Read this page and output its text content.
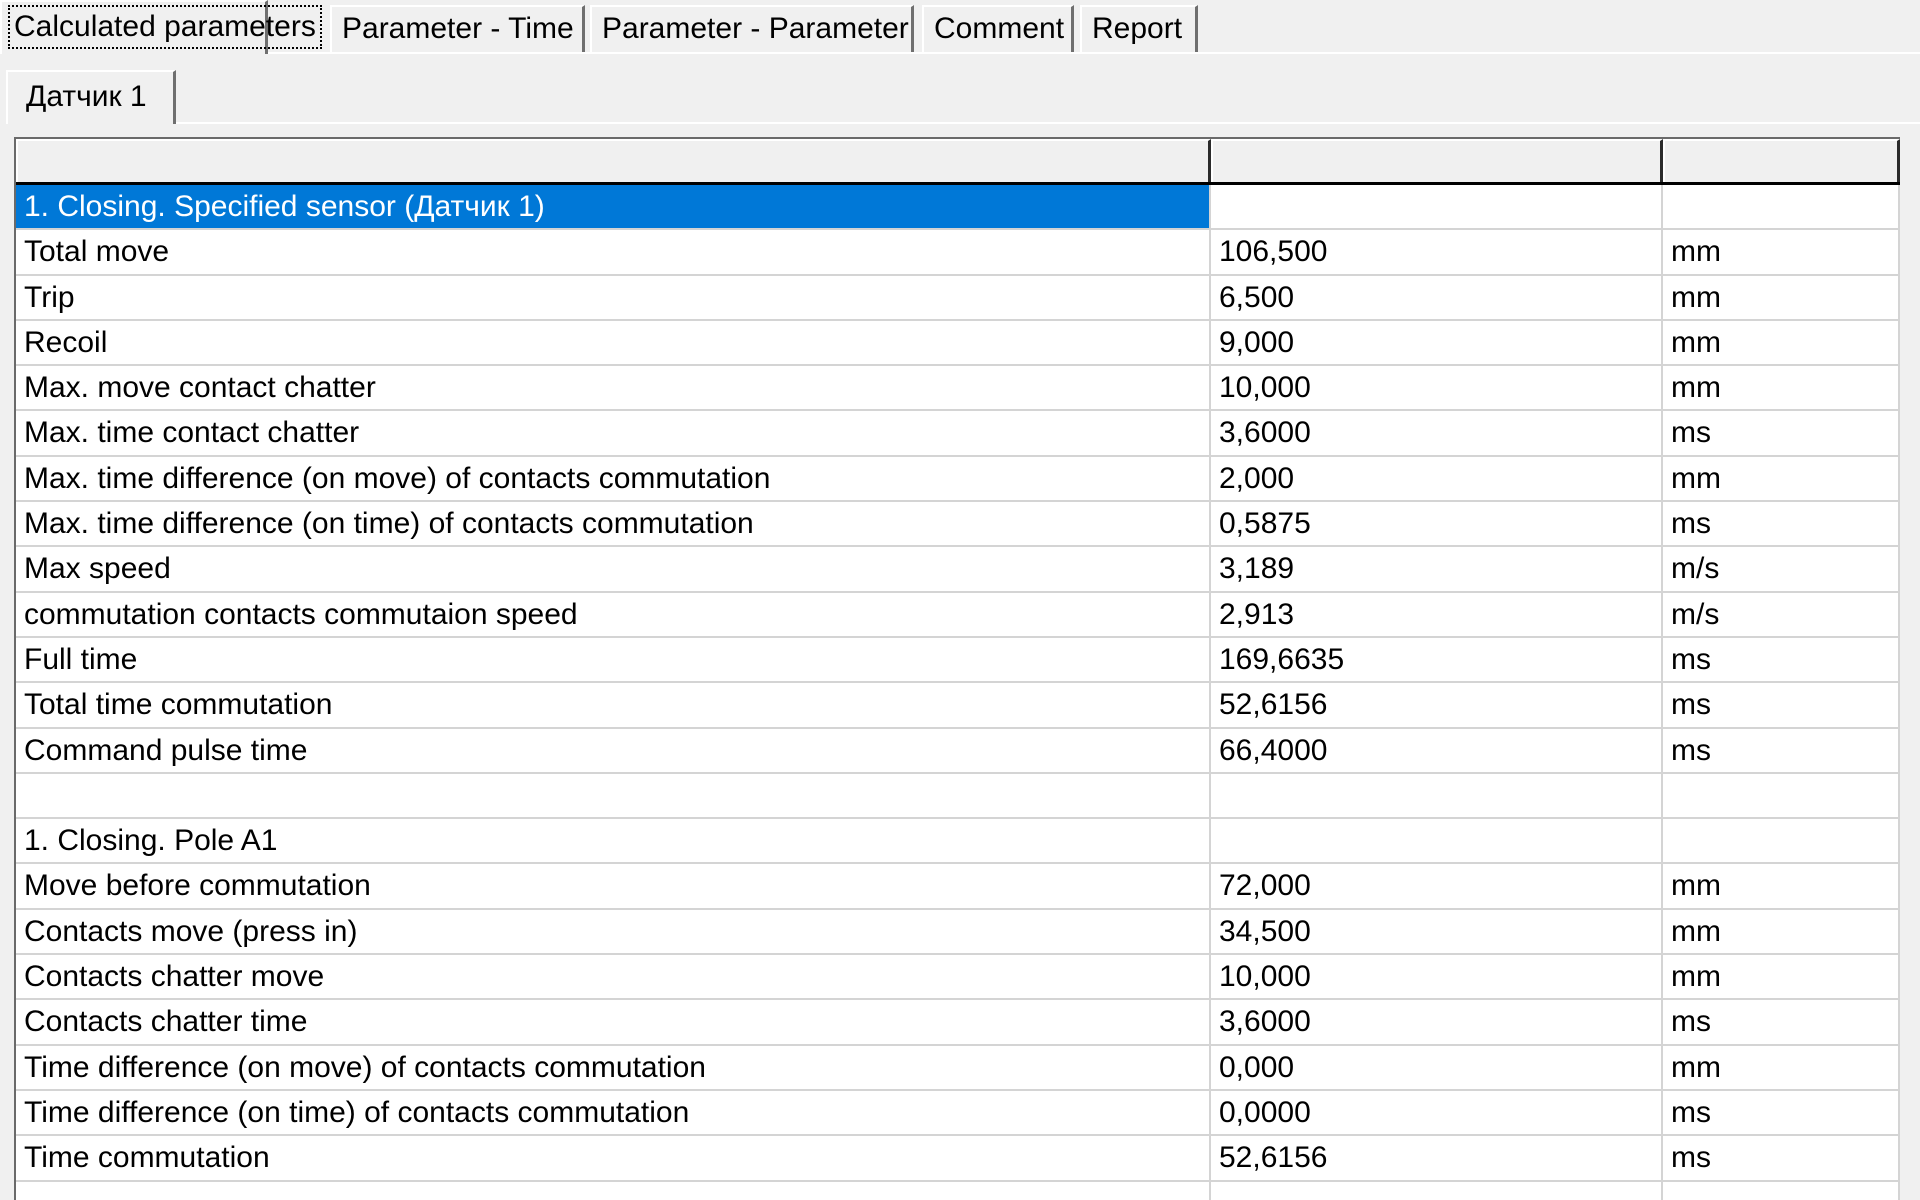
Calculated parameters Parameter - Time Parameter - Parameter Comment Report
Датчик 1
1. Closing. Specified sensor (Датчик 1)
Total move	106,500	mm
Trip	6,500	mm
Recoil	9,000	mm
Max. move contact chatter	10,000	mm
Max. time contact chatter	3,6000	ms
Max. time difference (on move) of contacts commutation	2,000	mm
Max. time difference (on time) of contacts commutation	0,5875	ms
Max speed	3,189	m/s
commutation contacts commutaion speed	2,913	m/s
Full time	169,6635	ms
Total time commutation	52,6156	ms
Command pulse time	66,4000	ms
1. Closing. Pole A1
Move before commutation	72,000	mm
Contacts move (press in)	34,500	mm
Contacts chatter move	10,000	mm
Contacts chatter time	3,6000	ms
Time difference (on move) of contacts commutation	0,000	mm
Time difference (on time) of contacts commutation	0,0000	ms
Time commutation	52,6156	ms
